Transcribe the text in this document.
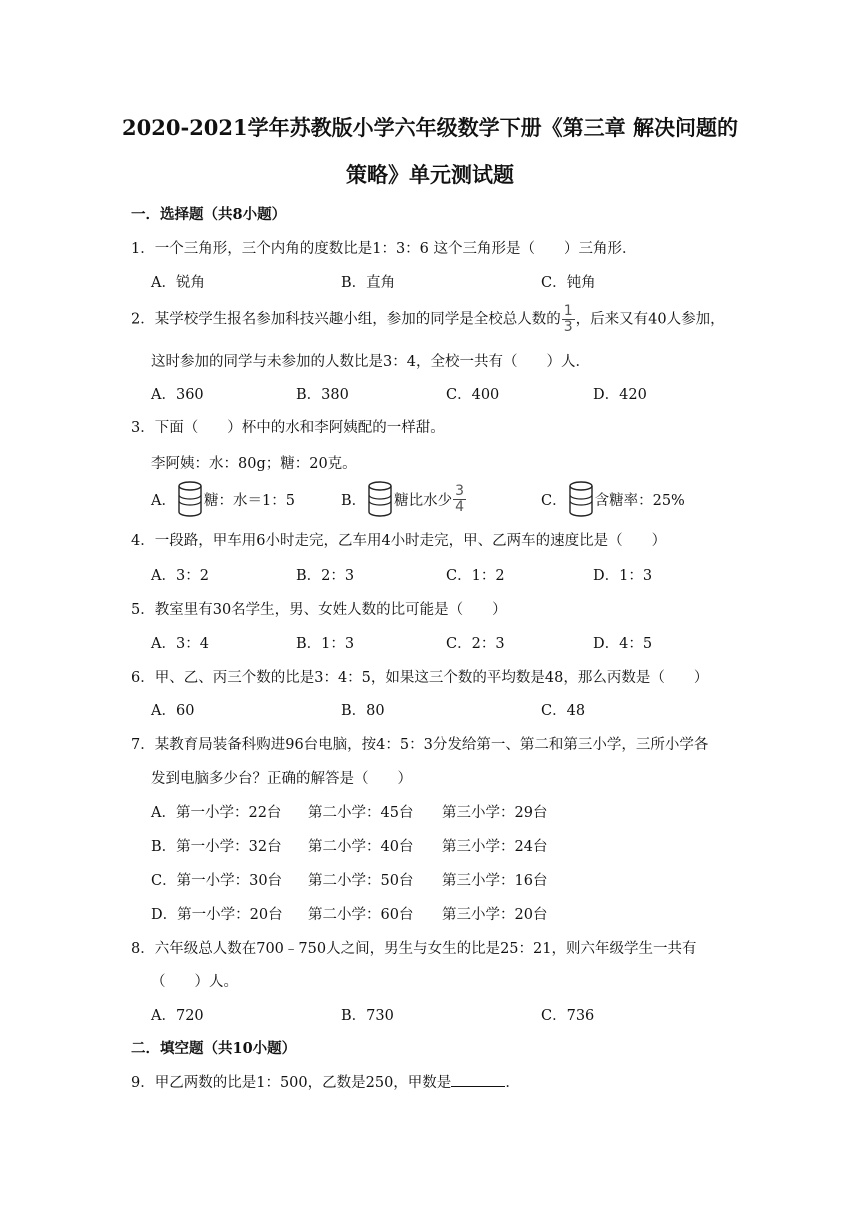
2020-2021学年苏教版小学六年级数学下册《第三章 解决问题的
策略》单元测试题
一．选择题（共8小题）
1．一个三角形，三个内角的度数比是1：3：6 这个三角形是（　　）三角形．
A．锐角	B．直角	C．钝角
2．某学校学生报名参加科技兴趣小组，参加的同学是全校总人数的 $\frac{1}{3}$ ，后来又有40人参加，
这时参加的同学与未参加的人数比是3：4，全校一共有（　　）人．
A．360	B．380	C．400	D．420
3．下面（　　）杯中的水和李阿姨配的一样甜。
李阿姨：水：80g；糖：20克。
A． 糖：水＝1：5	B． 糖比水少 $\frac{3}{4}$	C． 含糖率：25%
4．一段路，甲车用6小时走完，乙车用4小时走完，甲、乙两车的速度比是（　　）
A．3：2	B．2：3	C．1：2	D．1：3
5．教室里有30名学生，男、女姓人数的比可能是（　　）
A．3：4	B．1：3	C．2：3	D．4：5
6．甲、乙、丙三个数的比是3：4：5，如果这三个数的平均数是48，那么丙数是（　　）
A．60	B．80	C．48
7．某教育局装备科购进96台电脑，按4：5：3分发给第一、第二和第三小学，三所小学各
发到电脑多少台？正确的解答是（　　）
A．第一小学：22台 第二小学：45台 第三小学：29台
B．第一小学：32台 第二小学：40台 第三小学：24台
C．第一小学：30台 第二小学：50台 第三小学：16台
D．第一小学：20台 第二小学：60台 第三小学：20台
8．六年级总人数在700﹣750人之间，男生与女生的比是25：21，则六年级学生一共有
（　　）人。
A．720	B．730	C．736
二．填空题（共10小题）
9．甲乙两数的比是1：500，乙数是250，甲数是	．
